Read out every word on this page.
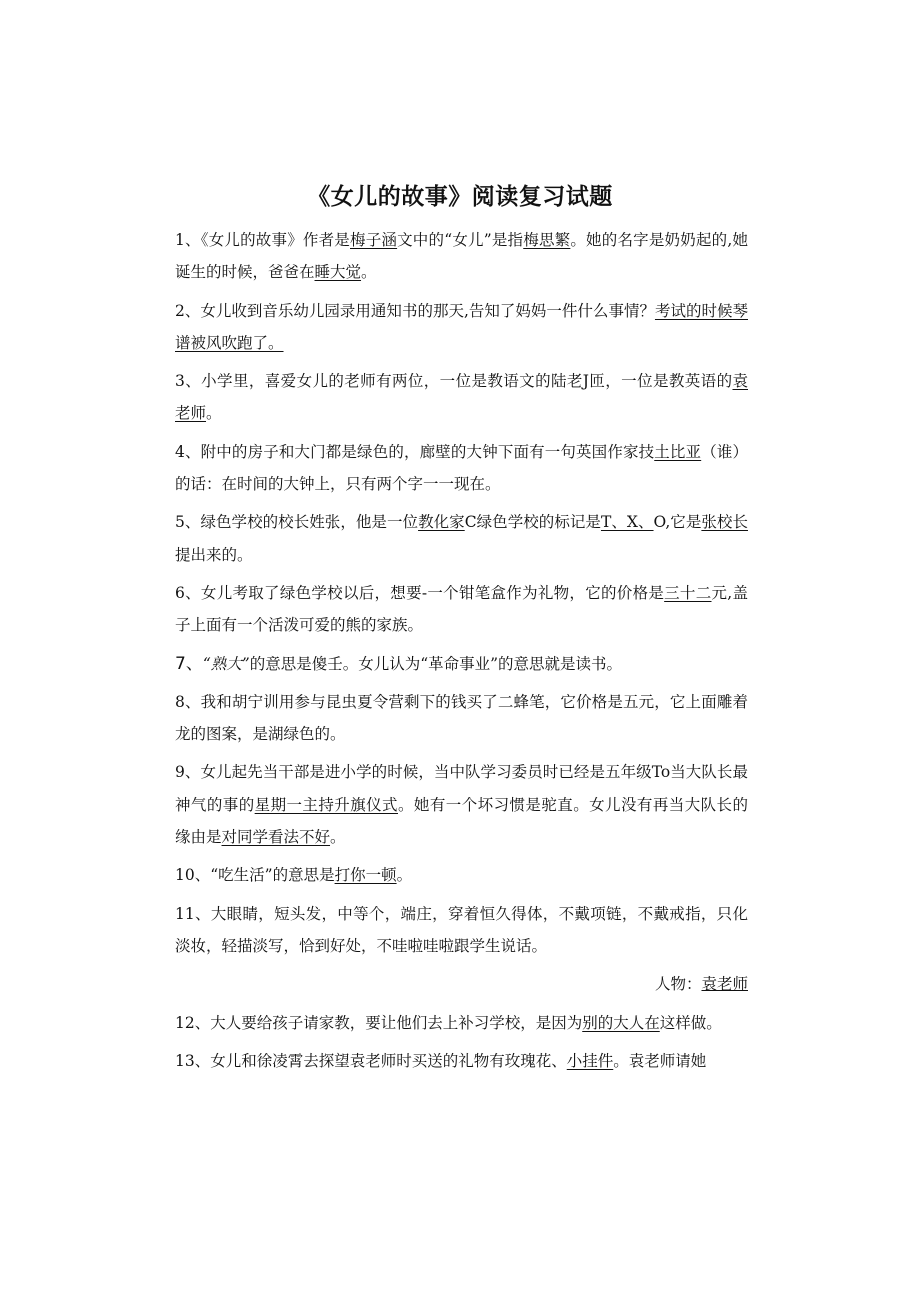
《女儿的故事》阅读复习试题

1、《女儿的故事》作者是梅子涵文中的“女儿”是指梅思繁。她的名字是奶奶起的,她诞生的时候，爸爸在睡大觉。

2、女儿收到音乐幼儿园录用通知书的那天,告知了妈妈一件什么事情？考试的时候琴谱被风吹跑了。

3、小学里，喜爱女儿的老师有两位，一位是教语文的陆老J匝，一位是教英语的袁老师。

4、附中的房子和大门都是绿色的，廊壁的大钟下面有一句英国作家技土比亚（谁）的话：在时间的大钟上，只有两个字一一现在。

5、绿色学校的校长姓张，他是一位教化家C绿色学校的标记是T、X、O,它是张校长提出来的。

6、女儿考取了绿色学校以后，想要-一个钳笔盒作为礼物，它的价格是三十二元,盖子上面有一个活泼可爱的熊的家族。

7、“熟大”的意思是傻壬。女儿认为“革命事业”的意思就是读书。

8、我和胡宁训用参与昆虫夏令营剩下的钱买了二蜂笔，它价格是五元，它上面雕着龙的图案，是湖绿色的。

9、女儿起先当干部是进小学的时候，当中队学习委员时已经是五年级To当大队长最神气的事的星期一主持升旗仪式。她有一个坏习惯是驼直。女儿没有再当大队长的缘由是对同学看法不好。

10、“吃生活”的意思是打你一顿。

11、大眼睛，短头发，中等个，端庄，穿着恒久得体，不戴项链，不戴戒指，只化淡妆，轻描淡写，恰到好处，不哇啦哇啦跟学生说话。

人物：袁老师

12、大人要给孩子请家教，要让他们去上补习学校，是因为别的大人在这样做。

13、女儿和徐凌霄去探望袁老师时买送的礼物有玫瑰花、小挂件。袁老师请她
